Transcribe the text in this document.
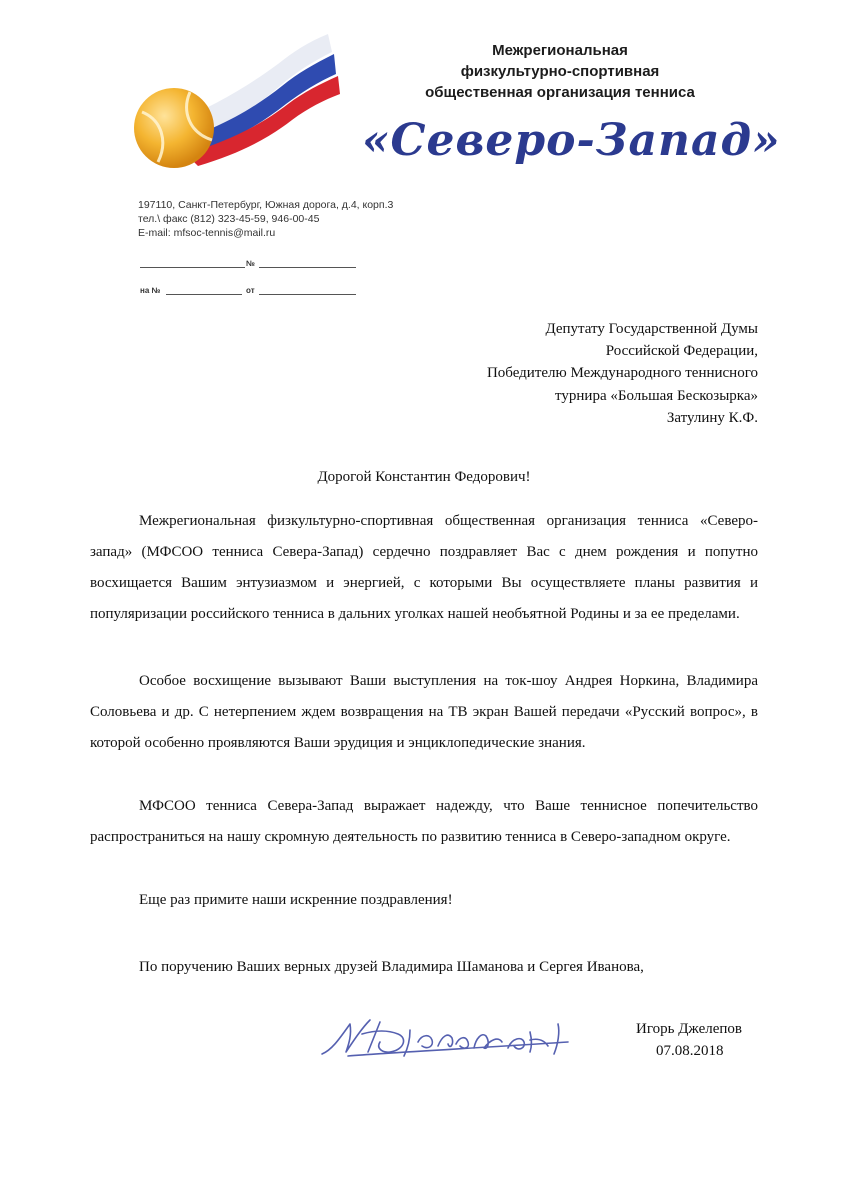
Межрегиональная
физкультурно-спортивная
общественная организация тенниса
«Северо-Запад»
197110, Санкт-Петербург, Южная дорога, д.4, корп.3
тел.\ факс (812) 323-45-59, 946-00-45
E-mail: mfsoc-tennis@mail.ru
№
на №	от
Депутату Государственной Думы
Российской Федерации,
Победителю Международного теннисного
турнира «Большая Бескозырка»
Затулину К.Ф.
Дорогой Константин Федорович!

Межрегиональная физкультурно-спортивная общественная организация тенниса «Северо-запад» (МФСОО тенниса Севера-Запад) сердечно поздравляет Вас с днем рождения и попутно восхищается Вашим энтузиазмом и энергией, с которыми Вы осуществляете планы развития и популяризации российского тенниса в дальних уголках нашей необъятной Родины и за ее пределами.

Особое восхищение вызывают Ваши выступления на ток-шоу Андрея Норкина, Владимира Соловьева и др. С нетерпением ждем возвращения на ТВ экран Вашей передачи «Русский вопрос», в которой особенно проявляются Ваши эрудиция и энциклопедические знания.

МФСОО тенниса Севера-Запад выражает надежду, что Ваше теннисное попечительство распространиться на нашу скромную деятельность по развитию тенниса в Северо-западном округе.

Еще раз примите наши искренние поздравления!

По поручению Ваших верных друзей Владимира Шаманова и Сергея Иванова,

Игорь Джелепов
07.08.2018
